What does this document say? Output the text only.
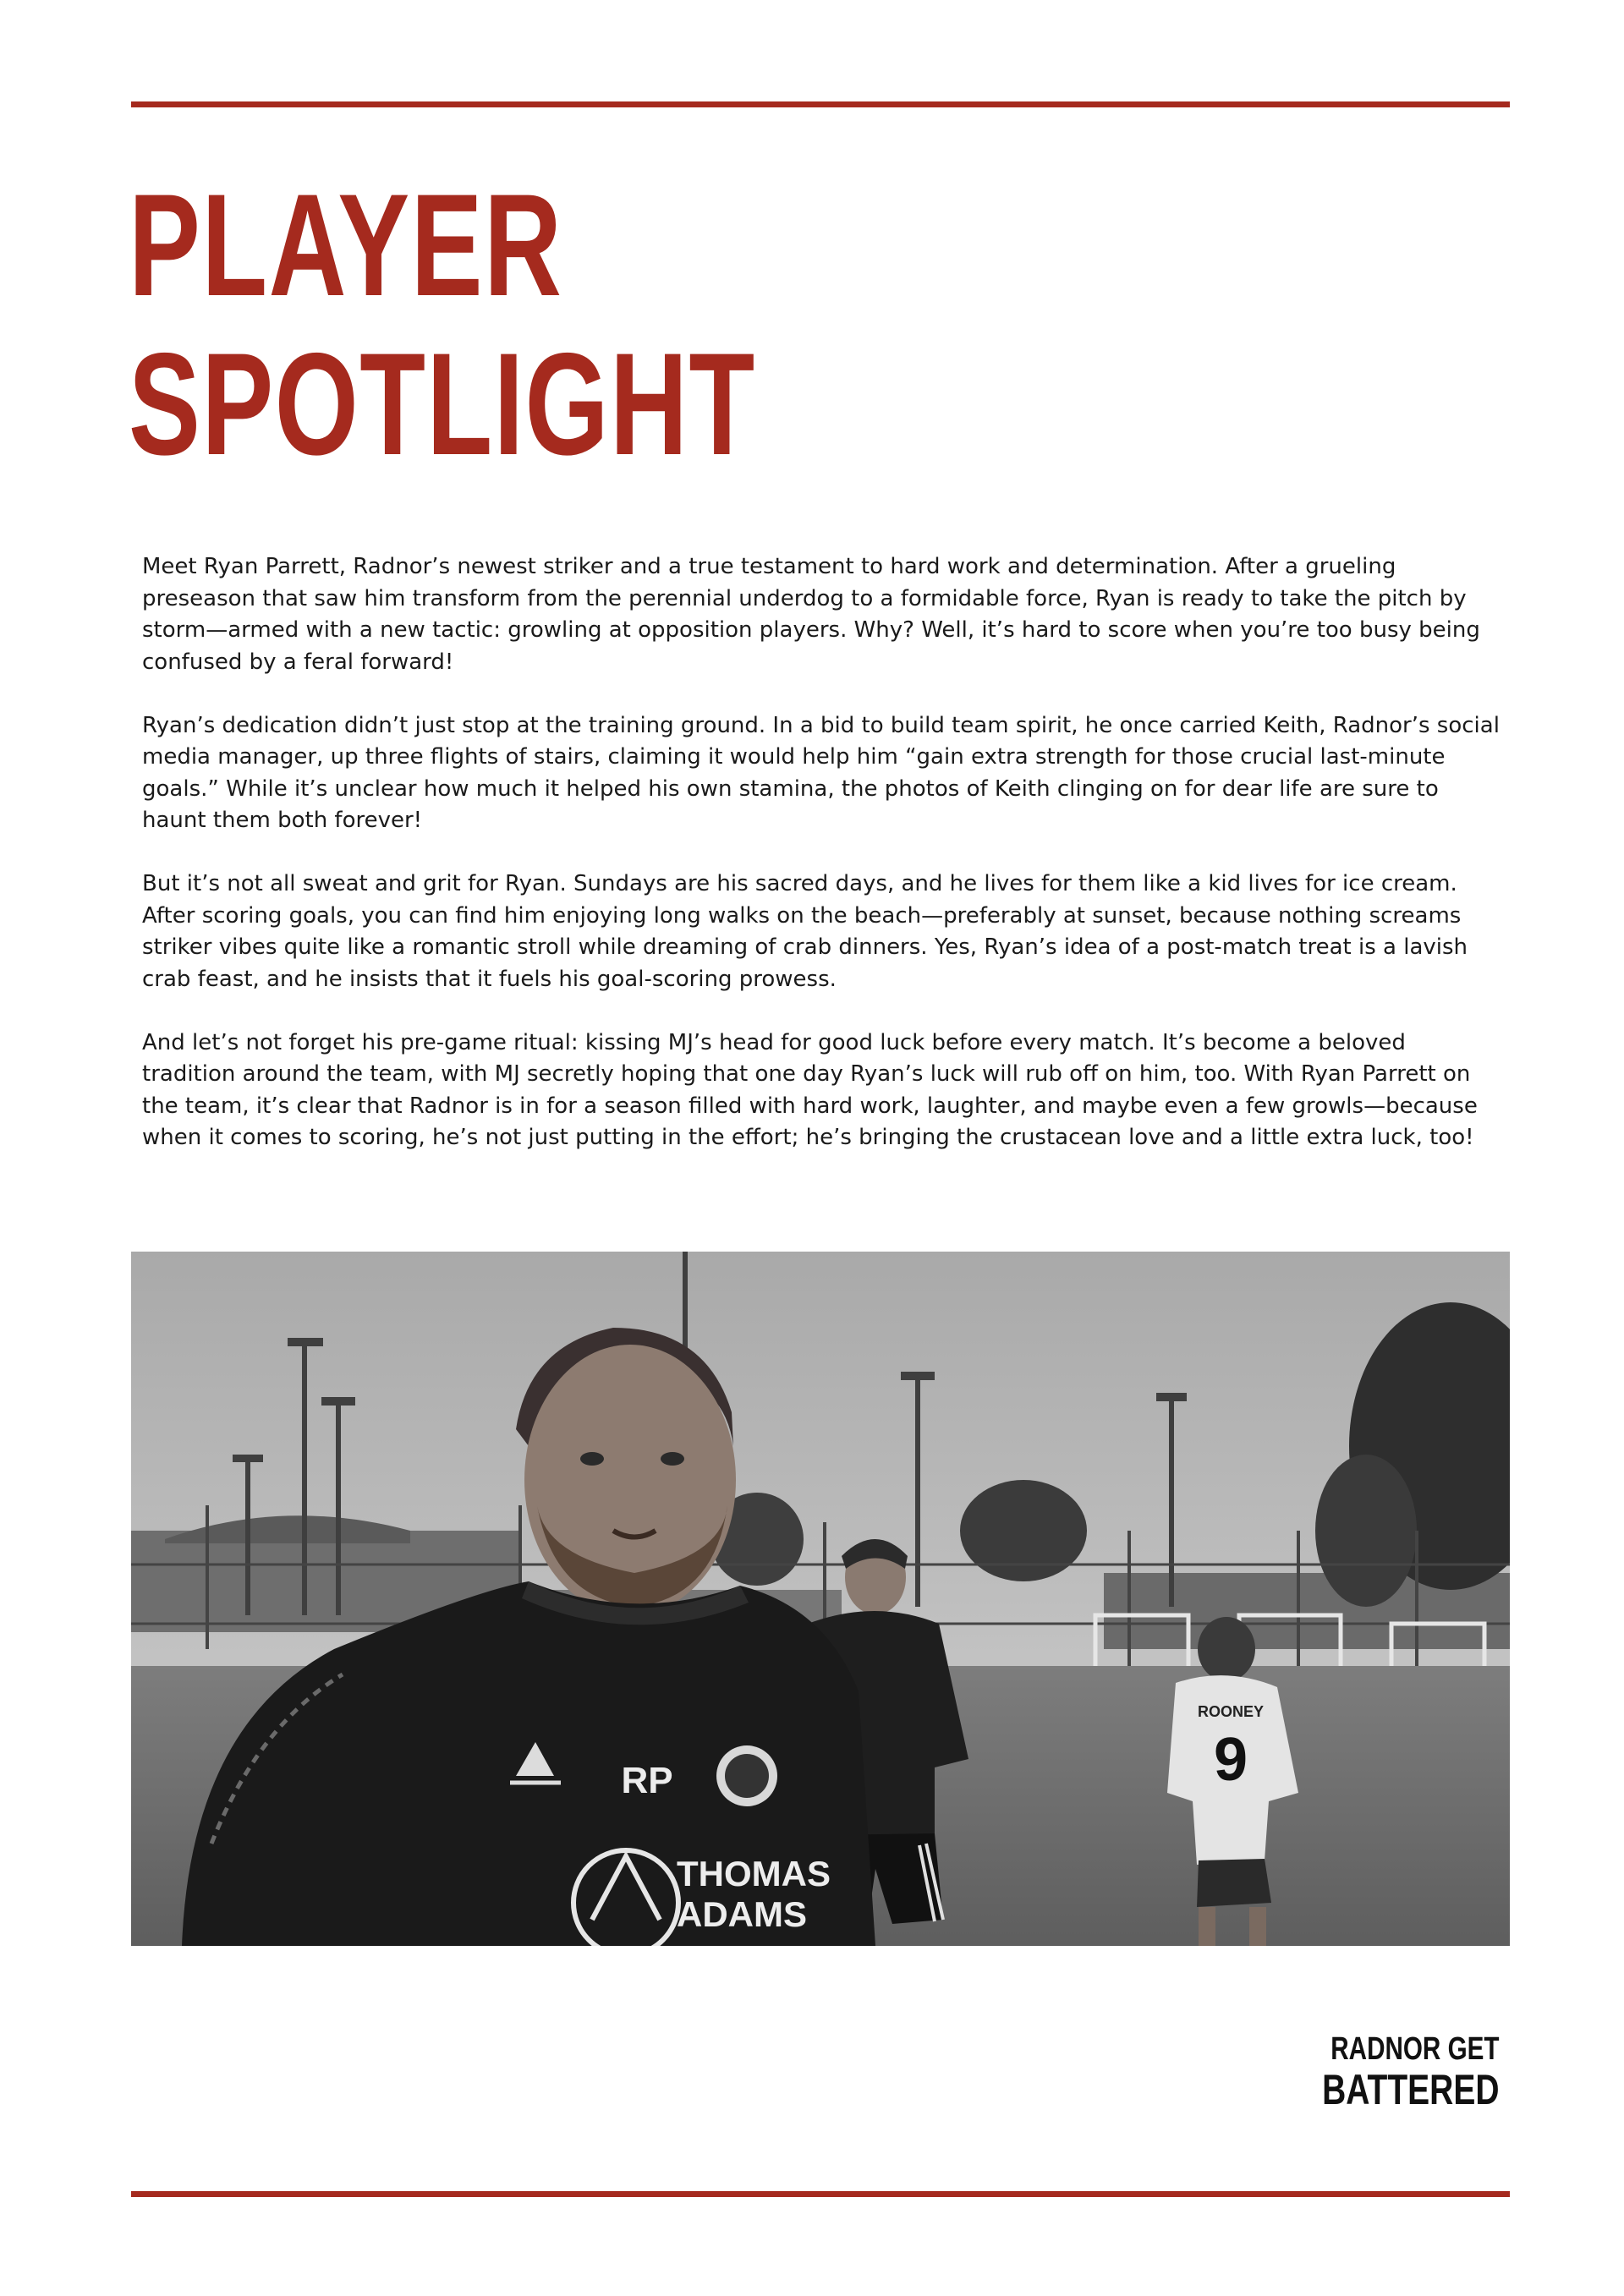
PLAYER
SPOTLIGHT

Meet Ryan Parrett, Radnor’s newest striker and a true testament to hard work and determination. After a grueling preseason that saw him transform from the perennial underdog to a formidable force, Ryan is ready to take the pitch by storm—armed with a new tactic: growling at opposition players. Why? Well, it’s hard to score when you’re too busy being confused by a feral forward!

Ryan’s dedication didn’t just stop at the training ground. In a bid to build team spirit, he once carried Keith, Radnor’s social media manager, up three flights of stairs, claiming it would help him “gain extra strength for those crucial last-minute goals.” While it’s unclear how much it helped his own stamina, the photos of Keith clinging on for dear life are sure to haunt them both forever!

But it’s not all sweat and grit for Ryan. Sundays are his sacred days, and he lives for them like a kid lives for ice cream. After scoring goals, you can find him enjoying long walks on the beach—preferably at sunset, because nothing screams striker vibes quite like a romantic stroll while dreaming of crab dinners. Yes, Ryan’s idea of a post-match treat is a lavish crab feast, and he insists that it fuels his goal-scoring prowess.

And let’s not forget his pre-game ritual: kissing MJ’s head for good luck before every match. It’s become a beloved tradition around the team, with MJ secretly hoping that one day Ryan’s luck will rub off on him, too. With Ryan Parrett on the team, it’s clear that Radnor is in for a season filled with hard work, laughter, and maybe even a few growls—because when it comes to scoring, he’s not just putting in the effort; he’s bringing the crustacean love and a little extra luck, too!

ROONEY
9
RP
THOMAS
ADAMS
RADNOR GET
BATTERED
